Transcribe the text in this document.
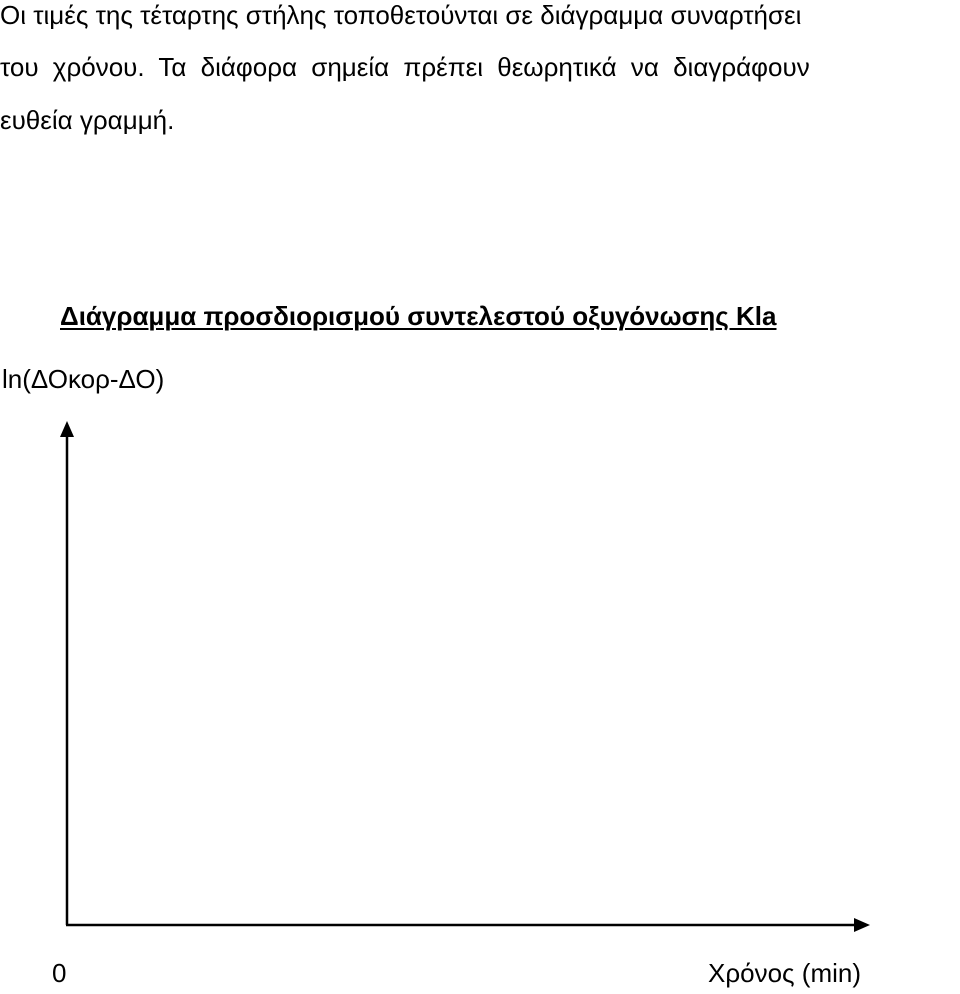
Οι τιμές της τέταρτης στήλης τοποθετούνται σε διάγραμμα συναρτήσει
του χρόνου. Τα διάφορα σημεία πρέπει θεωρητικά να διαγράφουν
ευθεία γραμμή.
Διάγραμμα προσδιορισμού συντελεστού οξυγόνωσης Kla
ln(ΔΟκορ-ΔΟ)
0	Χρόνος (min)
